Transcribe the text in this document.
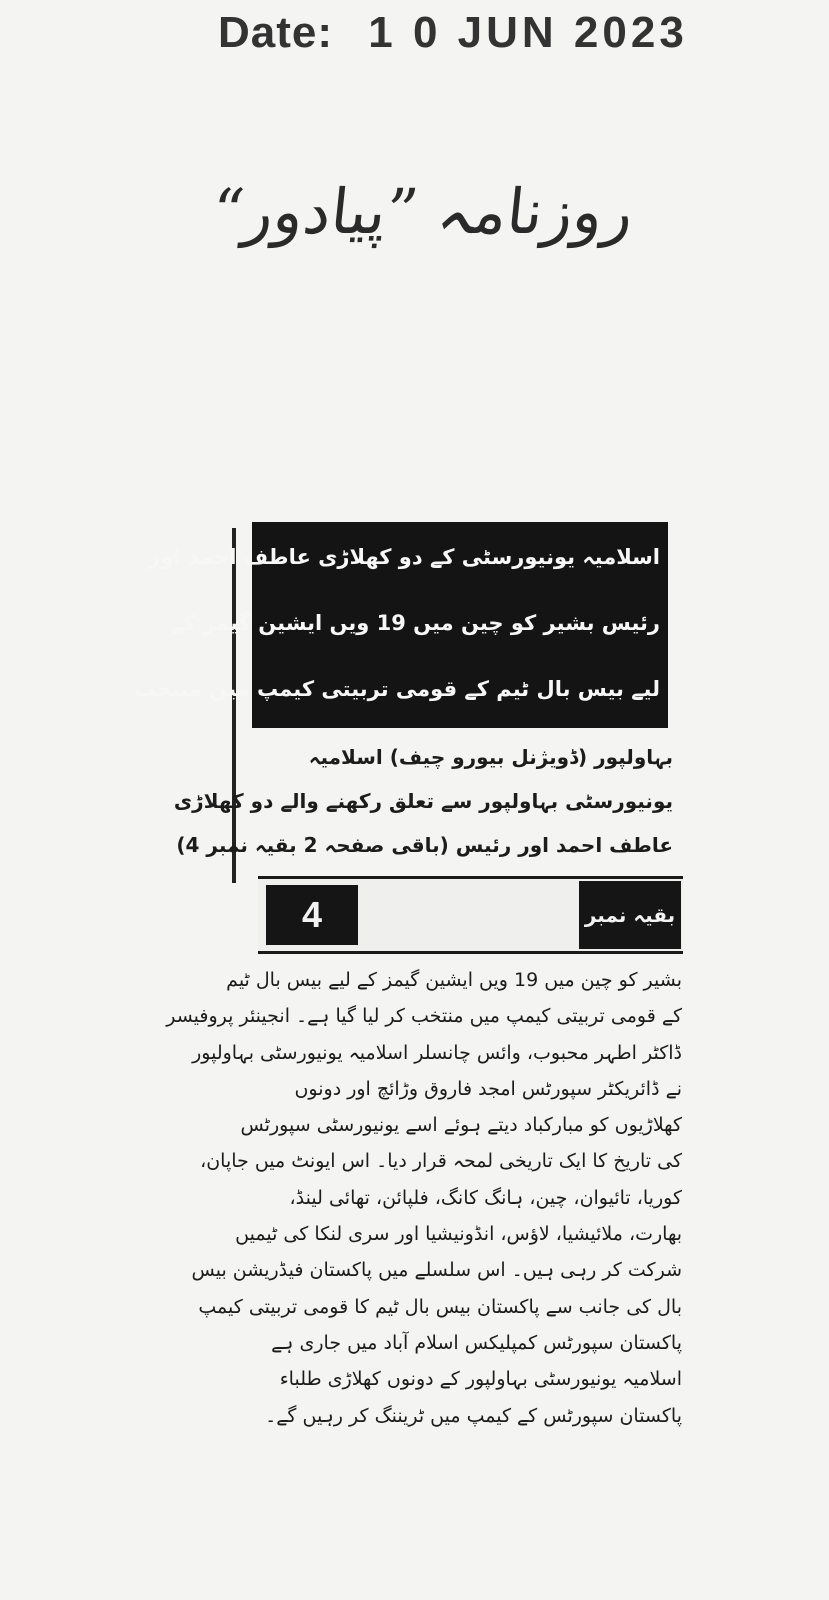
Date: 1 0 JUN 2023
روزنامہ ”پیادور“
اسلامیہ یونیورسٹی کے دو کھلاڑی عاطف احمد اور
رئیس بشیر کو چین میں 19 ویں ایشین گیمز کے
لیے بیس بال ٹیم کے قومی تربیتی کیمپ میں منتخب
بہاولپور (ڈویژنل بیورو چیف) اسلامیہ
یونیورسٹی بہاولپور سے تعلق رکھنے والے دو کھلاڑی
عاطف احمد اور رئیس (باقی صفحہ 2 بقیہ نمبر 4)
4	بقیہ نمبر
بشیر کو چین میں 19 ویں ایشین گیمز کے لیے بیس بال ٹیم
کے قومی تربیتی کیمپ میں منتخب کر لیا گیا ہے۔ انجینئر پروفیسر
ڈاکٹر اطہر محبوب، وائس چانسلر اسلامیہ یونیورسٹی بہاولپور
نے ڈائریکٹر سپورٹس امجد فاروق وڑائچ اور دونوں
کھلاڑیوں کو مبارکباد دیتے ہوئے اسے یونیورسٹی سپورٹس
کی تاریخ کا ایک تاریخی لمحہ قرار دیا۔ اس ایونٹ میں جاپان،
کوریا، تائیوان، چین، ہانگ کانگ، فلپائن، تھائی لینڈ،
بھارت، ملائیشیا، لاؤس، انڈونیشیا اور سری لنکا کی ٹیمیں
شرکت کر رہی ہیں۔ اس سلسلے میں پاکستان فیڈریشن بیس
بال کی جانب سے پاکستان بیس بال ٹیم کا قومی تربیتی کیمپ
پاکستان سپورٹس کمپلیکس اسلام آباد میں جاری ہے
اسلامیہ یونیورسٹی بہاولپور کے دونوں کھلاڑی طلباء
پاکستان سپورٹس کے کیمپ میں ٹریننگ کر رہیں گے۔
